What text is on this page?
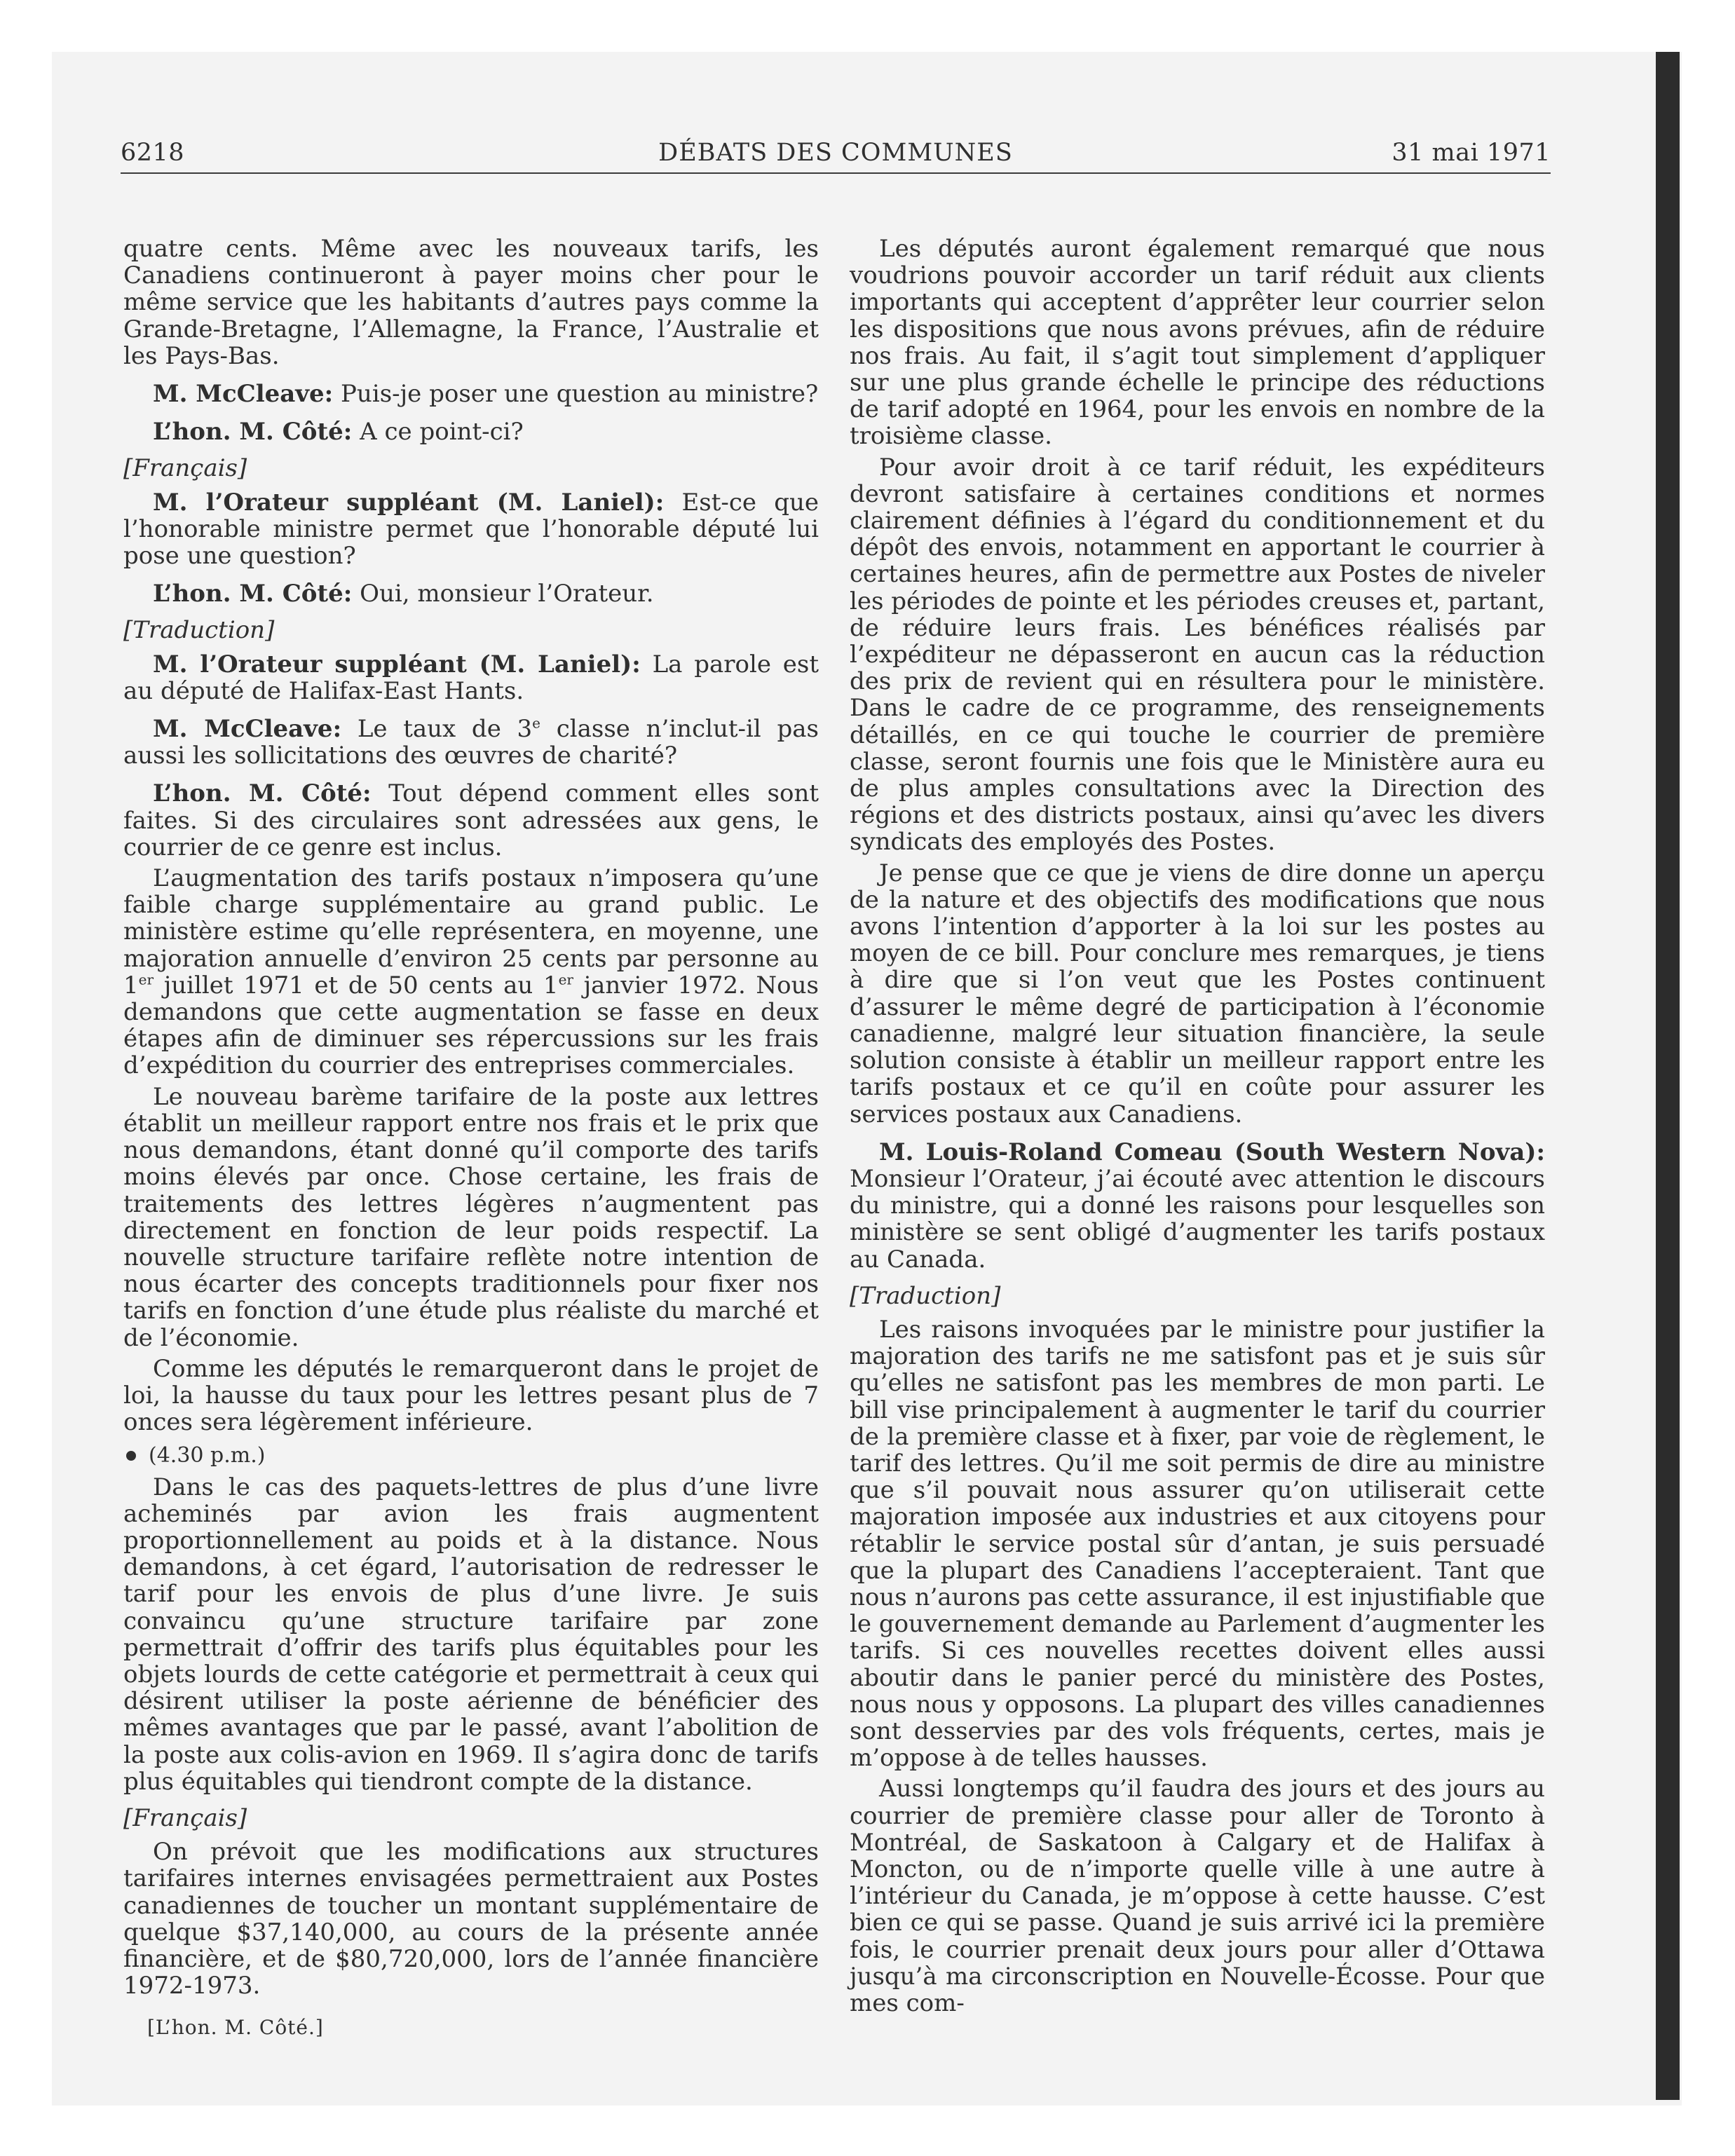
6218	DÉBATS DES COMMUNES	31 mai 1971

quatre cents. Même avec les nouveaux tarifs, les Canadiens continueront à payer moins cher pour le même service que les habitants d’autres pays comme la Grande-Bretagne, l’Allemagne, la France, l’Australie et les Pays-Bas.

M. McCleave: Puis-je poser une question au ministre?

L’hon. M. Côté: A ce point-ci?

[Français]

M. l’Orateur suppléant (M. Laniel): Est-ce que l’honorable ministre permet que l’honorable député lui pose une question?

L’hon. M. Côté: Oui, monsieur l’Orateur.

[Traduction]

M. l’Orateur suppléant (M. Laniel): La parole est au député de Halifax-East Hants.

M. McCleave: Le taux de 3e classe n’inclut-il pas aussi les sollicitations des œuvres de charité?

L’hon. M. Côté: Tout dépend comment elles sont faites. Si des circulaires sont adressées aux gens, le courrier de ce genre est inclus.

L’augmentation des tarifs postaux n’imposera qu’une faible charge supplémentaire au grand public. Le ministère estime qu’elle représentera, en moyenne, une majoration annuelle d’environ 25 cents par personne au 1er juillet 1971 et de 50 cents au 1er janvier 1972. Nous demandons que cette augmentation se fasse en deux étapes afin de diminuer ses répercussions sur les frais d’expédition du courrier des entreprises commerciales.

Le nouveau barème tarifaire de la poste aux lettres établit un meilleur rapport entre nos frais et le prix que nous demandons, étant donné qu’il comporte des tarifs moins élevés par once. Chose certaine, les frais de traitements des lettres légères n’augmentent pas directement en fonction de leur poids respectif. La nouvelle structure tarifaire reflète notre intention de nous écarter des concepts traditionnels pour fixer nos tarifs en fonction d’une étude plus réaliste du marché et de l’économie.

Comme les députés le remarqueront dans le projet de loi, la hausse du taux pour les lettres pesant plus de 7 onces sera légèrement inférieure.

(4.30 p.m.)

Dans le cas des paquets-lettres de plus d’une livre acheminés par avion les frais augmentent proportionnellement au poids et à la distance. Nous demandons, à cet égard, l’autorisation de redresser le tarif pour les envois de plus d’une livre. Je suis convaincu qu’une structure tarifaire par zone permettrait d’offrir des tarifs plus équitables pour les objets lourds de cette catégorie et permettrait à ceux qui désirent utiliser la poste aérienne de bénéficier des mêmes avantages que par le passé, avant l’abolition de la poste aux colis-avion en 1969. Il s’agira donc de tarifs plus équitables qui tiendront compte de la distance.

[Français]

On prévoit que les modifications aux structures tarifaires internes envisagées permettraient aux Postes canadiennes de toucher un montant supplémentaire de quelque $37,140,000, au cours de la présente année financière, et de $80,720,000, lors de l’année financière 1972-1973.

[L’hon. M. Côté.]

Les députés auront également remarqué que nous voudrions pouvoir accorder un tarif réduit aux clients importants qui acceptent d’apprêter leur courrier selon les dispositions que nous avons prévues, afin de réduire nos frais. Au fait, il s’agit tout simplement d’appliquer sur une plus grande échelle le principe des réductions de tarif adopté en 1964, pour les envois en nombre de la troisième classe.

Pour avoir droit à ce tarif réduit, les expéditeurs devront satisfaire à certaines conditions et normes clairement définies à l’égard du conditionnement et du dépôt des envois, notamment en apportant le courrier à certaines heures, afin de permettre aux Postes de niveler les périodes de pointe et les périodes creuses et, partant, de réduire leurs frais. Les bénéfices réalisés par l’expéditeur ne dépasseront en aucun cas la réduction des prix de revient qui en résultera pour le ministère. Dans le cadre de ce programme, des renseignements détaillés, en ce qui touche le courrier de première classe, seront fournis une fois que le Ministère aura eu de plus amples consultations avec la Direction des régions et des districts postaux, ainsi qu’avec les divers syndicats des employés des Postes.

Je pense que ce que je viens de dire donne un aperçu de la nature et des objectifs des modifications que nous avons l’intention d’apporter à la loi sur les postes au moyen de ce bill. Pour conclure mes remarques, je tiens à dire que si l’on veut que les Postes continuent d’assurer le même degré de participation à l’économie canadienne, malgré leur situation financière, la seule solution consiste à établir un meilleur rapport entre les tarifs postaux et ce qu’il en coûte pour assurer les services postaux aux Canadiens.

M. Louis-Roland Comeau (South Western Nova): Monsieur l’Orateur, j’ai écouté avec attention le discours du ministre, qui a donné les raisons pour lesquelles son ministère se sent obligé d’augmenter les tarifs postaux au Canada.

[Traduction]

Les raisons invoquées par le ministre pour justifier la majoration des tarifs ne me satisfont pas et je suis sûr qu’elles ne satisfont pas les membres de mon parti. Le bill vise principalement à augmenter le tarif du courrier de la première classe et à fixer, par voie de règlement, le tarif des lettres. Qu’il me soit permis de dire au ministre que s’il pouvait nous assurer qu’on utiliserait cette majoration imposée aux industries et aux citoyens pour rétablir le service postal sûr d’antan, je suis persuadé que la plupart des Canadiens l’accepteraient. Tant que nous n’aurons pas cette assurance, il est injustifiable que le gouvernement demande au Parlement d’augmenter les tarifs. Si ces nouvelles recettes doivent elles aussi aboutir dans le panier percé du ministère des Postes, nous nous y opposons. La plupart des villes canadiennes sont desservies par des vols fréquents, certes, mais je m’oppose à de telles hausses.

Aussi longtemps qu’il faudra des jours et des jours au courrier de première classe pour aller de Toronto à Montréal, de Saskatoon à Calgary et de Halifax à Moncton, ou de n’importe quelle ville à une autre à l’intérieur du Canada, je m’oppose à cette hausse. C’est bien ce qui se passe. Quand je suis arrivé ici la première fois, le courrier prenait deux jours pour aller d’Ottawa jusqu’à ma circonscription en Nouvelle-Écosse. Pour que mes com-
